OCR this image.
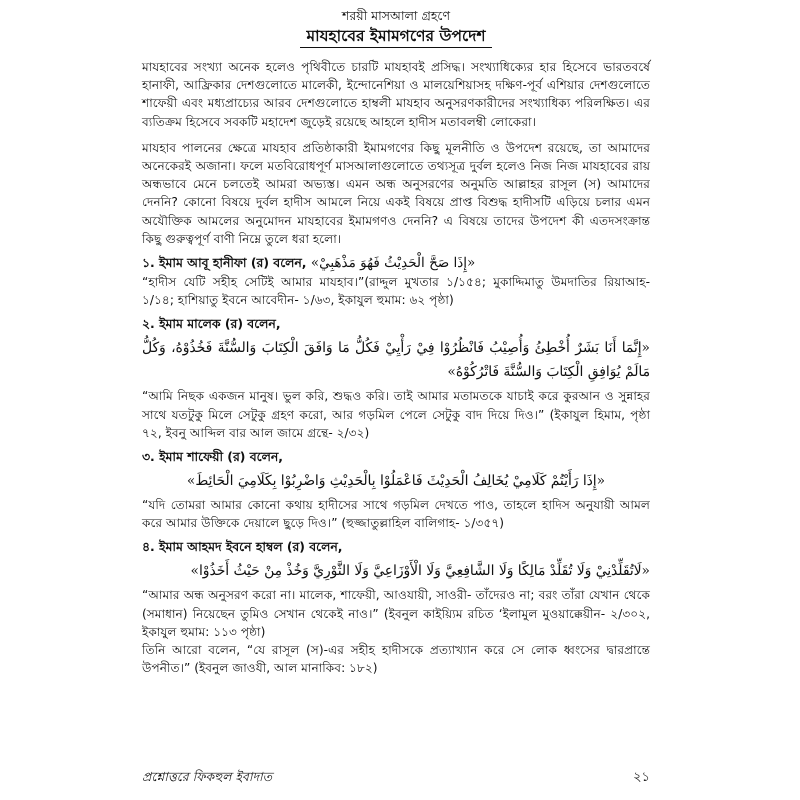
শরয়ী মাসআলা গ্রহণে
মাযহাবের ইমামগণের উপদেশ

মাযহাবের সংখ্যা অনেক হলেও পৃথিবীতে চারটি মাযহাবই প্রসিদ্ধ। সংখ্যাধিক্যের হার হিসেবে ভারতবর্ষে হানাফী, আফ্রিকার দেশগুলোতে মালেকী, ইন্দোনেশিয়া ও মালয়েশিয়াসহ দক্ষিণ-পূর্ব এশিয়ার দেশগুলোতে শাফেয়ী এবং মধ্যপ্রাচ্যের আরব দেশগুলোতে হাম্বলী মাযহাব অনুসরণকারীদের সংখ্যাধিক্য পরিলক্ষিত। এর ব্যতিক্রম হিসেবে সবকটি মহাদেশ জুড়েই রয়েছে আহলে হাদীস মতাবলম্বী লোকেরা।

মাযহাব পালনের ক্ষেত্রে মাযহাব প্রতিষ্ঠাকারী ইমামগণের কিছু মূলনীতি ও উপদেশ রয়েছে, তা আমাদের অনেকেরই অজানা। ফলে মতবিরোধপূর্ণ মাসআলাগুলোতে তথ্যসূত্র দুর্বল হলেও নিজ নিজ মাযহাবের রায় অন্ধভাবে মেনে চলতেই আমরা অভ্যস্ত। এমন অন্ধ অনুসরণের অনুমতি আল্লাহর রাসূল (স) আমাদের দেননি? কোনো বিষয়ে দুর্বল হাদীস আমলে নিয়ে একই বিষয়ে প্রাপ্ত বিশুদ্ধ হাদীসটি এড়িয়ে চলার এমন অযৌক্তিক আমলের অনুমোদন মাযহাবের ইমামগণও দেননি? এ বিষয়ে তাদের উপদেশ কী এতদসংক্রান্ত কিছু গুরুত্বপূর্ণ বাণী নিম্নে তুলে ধরা হলো।

১. ইমাম আবূ হানীফা (র) বলেন, «إِذَا صَحَّ الْحَدِيْثُ فَهُوَ مَذْهَبِيْ»

“হাদীস যেটি সহীহ সেটিই আমার মাযহাব।”(রাদ্দুল মুখতার ১/১৫৪; মুকাদ্দিমাতু উমদাতির রিয়াআহ- ১/১৪; হাশিয়াতু ইবনে আবেদীন- ১/৬৩, ইকাযুল হুমাম: ৬২ পৃষ্ঠা)

২. ইমাম মালেক (র) বলেন,
«إِنَّمَا أَنَا بَشَرٌ أُخْطِئُ وَأُصِيْبُ فَانْظُرُوْا فِيْ رَأْيِيْ فَكُلُّ مَا وَافَقَ الْكِتَابَ وَالسُّنَّةَ فَخُذُوْهُ، وَكُلُّ مَالَمْ يُوَافِقِ الْكِتَابَ وَالسُّنَّةَ فَاتْرُكُوْهُ»

“আমি নিছক একজন মানুষ। ভুল করি, শুদ্ধও করি। তাই আমার মতামতকে যাচাই করে কুরআন ও সুন্নাহর সাথে যতটুকু মিলে সেটুকু গ্রহণ করো, আর গড়মিল পেলে সেটুকু বাদ দিয়ে দিও।” (ইকাযুল হিমাম, পৃষ্ঠা ৭২, ইবনু আব্দিল বার আল জামে গ্রন্থে- ২/৩২)

৩. ইমাম শাফেয়ী (র) বলেন,
«إِذَا رَأَيْتُمْ كَلَامِيْ يُخَالِفُ الْحَدِيْثَ فَاعْمَلُوْا بِالْحَدِيْثِ وَاضْرِبُوْا بِكَلَامِيَ الْحَائِطَ»

“যদি তোমরা আমার কোনো কথায় হাদীসের সাথে গড়মিল দেখতে পাও, তাহলে হাদিস অনুযায়ী আমল করে আমার উক্তিকে দেয়ালে ছুড়ে দিও।” (হুজ্জাতুল্লাহিল বালিগাহ- ১/৩৫৭)

৪. ইমাম আহমদ ইবনে হাম্বল (র) বলেন,
«لَاتُقَلِّدْنِيْ وَلَا تُقَلِّدْ مَالِكًا وَلَا الشَّافِعِيَّ وَلَا الْأَوْزَاعِيَّ وَلَا الثَّوْرِيَّ وَخُذْ مِنْ حَيْثُ أَخَذُوْا»

“আমার অন্ধ অনুসরণ করো না। মালেক, শাফেয়ী, আওযায়ী, সাওরী- তাঁদেরও না; বরং তাঁরা যেখান থেকে (সমাধান) নিয়েছেন তুমিও সেখান থেকেই নাও।” (ইবনুল কাইয়্যিম রচিত ‘ইলামুল মুওয়াক্কেয়ীন- ২/৩০২, ইকাযুল হুমাম: ১১৩ পৃষ্ঠা)

তিনি আরো বলেন, “যে রাসূল (স)-এর সহীহ হাদীসকে প্রত্যাখ্যান করে সে লোক ধ্বংসের দ্বারপ্রান্তে উপনীত।” (ইবনুল জাওযী, আল মানাকিব: ১৮২)

প্রশ্নোত্তরে ফিকহুল ইবাদাত	২১
